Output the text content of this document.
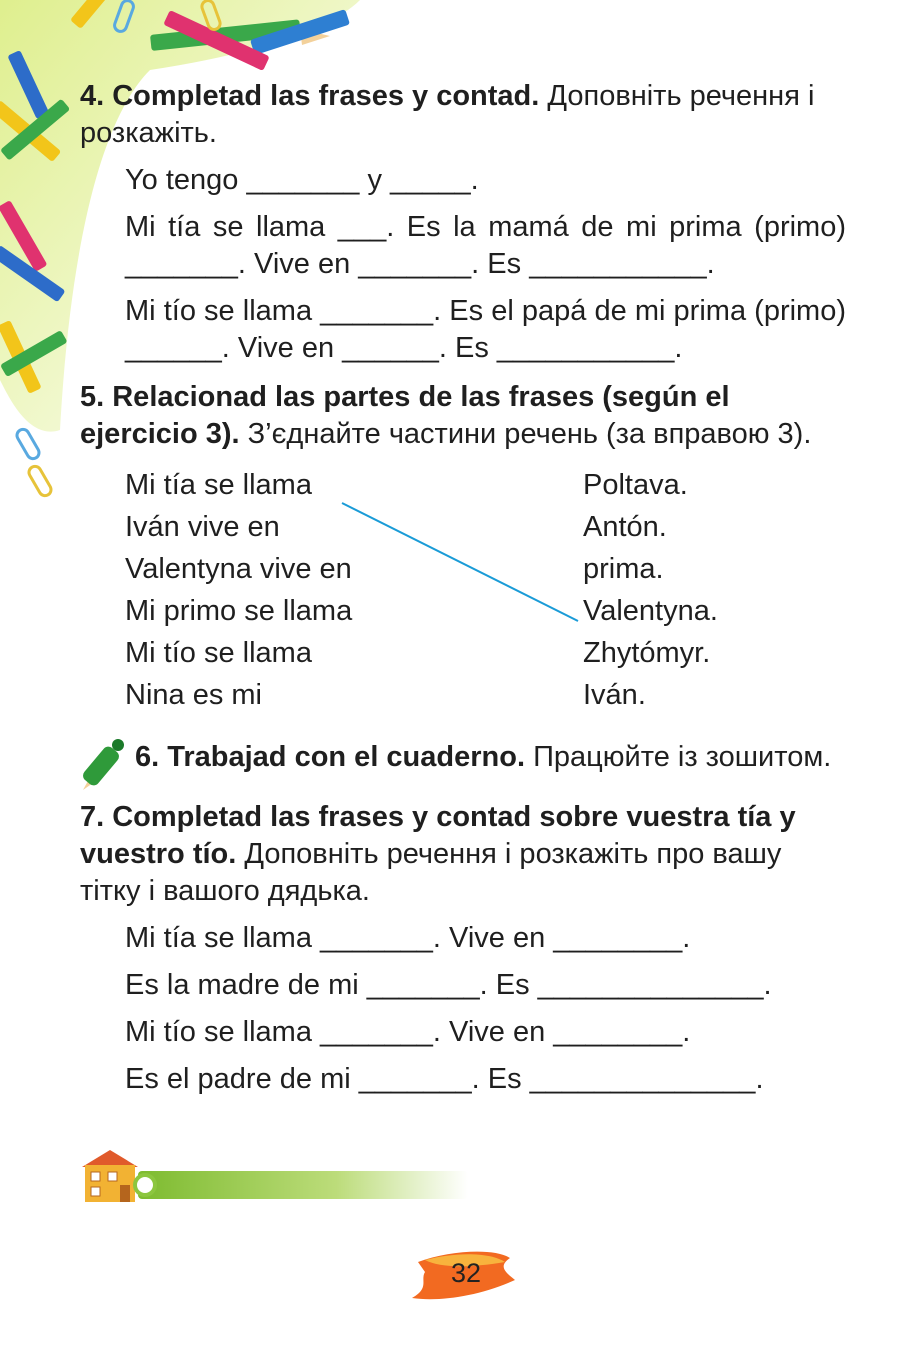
4. Completad las frases y contad. Доповніть речення і розкажіть.

Yo tengo _______ y _____.
Mi tía se llama ___. Es la mamá de mi prima (primo) _______. Vive en _______. Es ___________.
Mi tío se llama _______. Es el papá de mi prima (primo) ______. Vive en ______. Es ___________.

5. Relacionad las partes de las frases (según el ejercicio 3). З’єднайте частини речень (за вправою 3).

Mi tía se llama
Iván vive en
Valentyna vive en
Mi primo se llama
Mi tío se llama
Nina es mi
Poltava.
Antón.
prima.
Valentyna.
Zhytómyr.
Iván.

6. Trabajad con el cuaderno. Працюйте із зошитом.

7. Completad las frases y contad sobre vuestra tía y vuestro tío. Доповніть речення і розкажіть про вашу тітку і вашого дядька.

Mi tía se llama _______. Vive en ________.
Es la madre de mi _______. Es ______________.
Mi tío se llama _______. Vive en ________.
Es el padre de mi _______. Es ______________.
32
